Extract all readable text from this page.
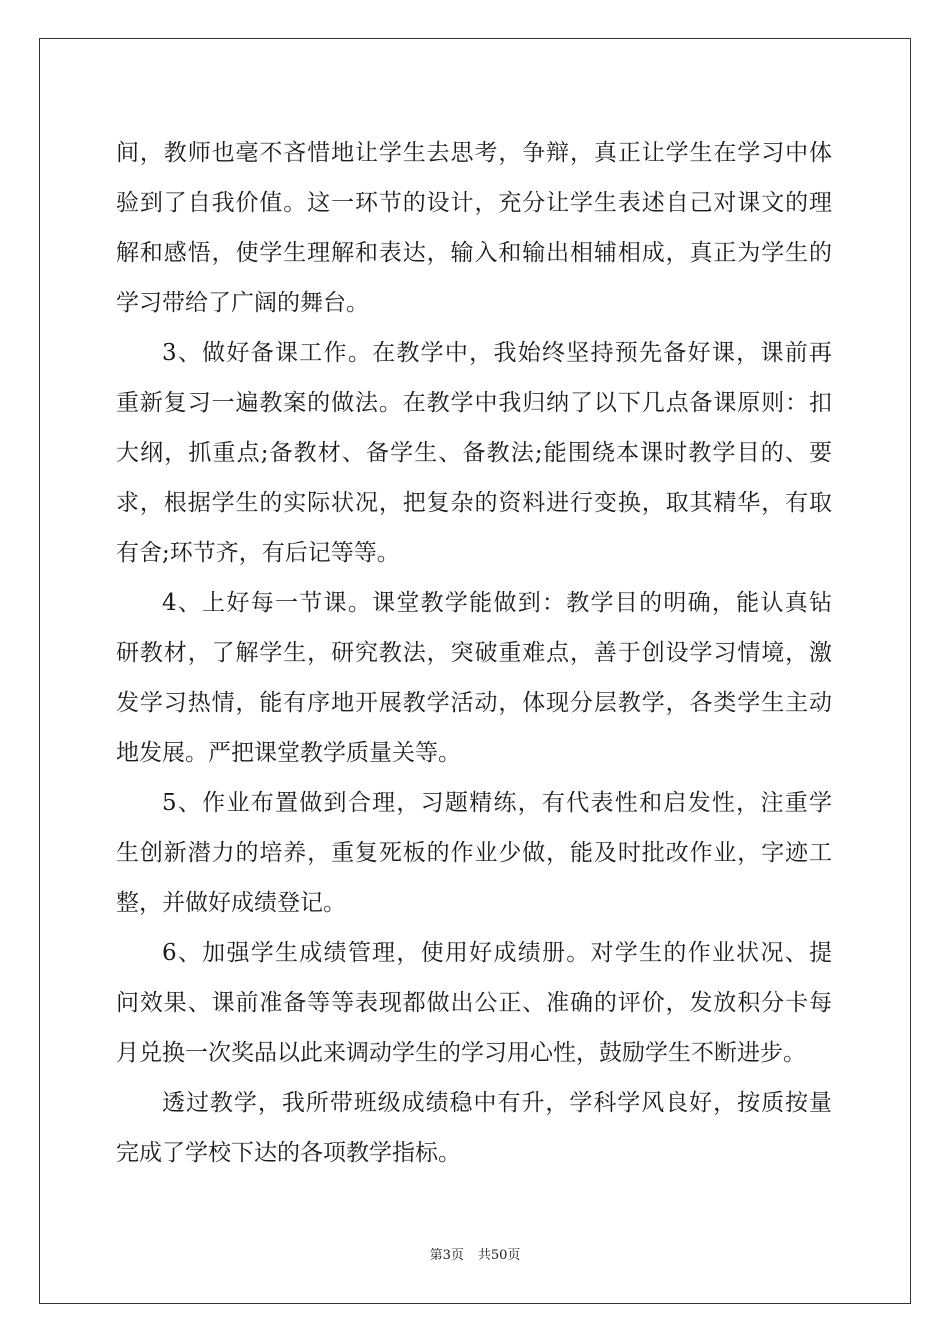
间，教师也毫不吝惜地让学生去思考，争辩，真正让学生在学习中体
验到了自我价值。这一环节的设计，充分让学生表述自己对课文的理
解和感悟，使学生理解和表达，输入和输出相辅相成，真正为学生的
学习带给了广阔的舞台。
3、做好备课工作。在教学中，我始终坚持预先备好课，课前再
重新复习一遍教案的做法。在教学中我归纳了以下几点备课原则：扣
大纲，抓重点;备教材、备学生、备教法;能围绕本课时教学目的、要
求，根据学生的实际状况，把复杂的资料进行变换，取其精华，有取
有舍;环节齐，有后记等等。
4、上好每一节课。课堂教学能做到：教学目的明确，能认真钻
研教材，了解学生，研究教法，突破重难点，善于创设学习情境，激
发学习热情，能有序地开展教学活动，体现分层教学，各类学生主动
地发展。严把课堂教学质量关等。
5、作业布置做到合理，习题精练，有代表性和启发性，注重学
生创新潜力的培养，重复死板的作业少做，能及时批改作业，字迹工
整，并做好成绩登记。
6、加强学生成绩管理，使用好成绩册。对学生的作业状况、提
问效果、课前准备等等表现都做出公正、准确的评价，发放积分卡每
月兑换一次奖品以此来调动学生的学习用心性，鼓励学生不断进步。
透过教学，我所带班级成绩稳中有升，学科学风良好，按质按量
完成了学校下达的各项教学指标。
第3页 共50页
